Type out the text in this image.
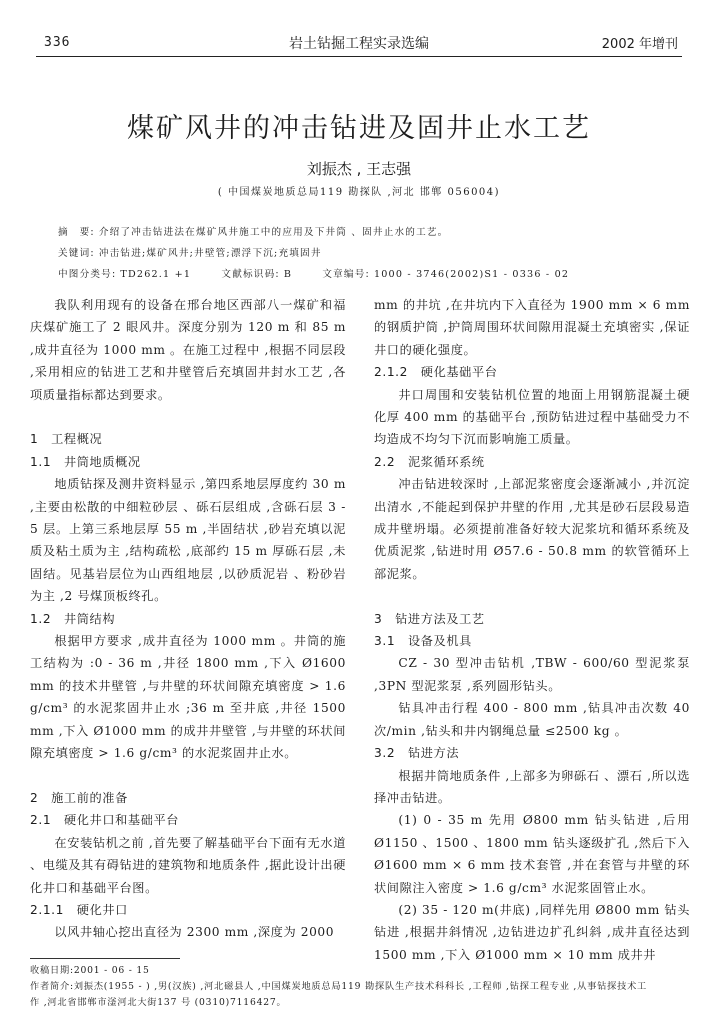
336	岩土钻掘工程实录选编	2002 年增刊
煤矿风井的冲击钻进及固井止水工艺
刘振杰 , 王志强
( 中国煤炭地质总局119 勘探队 ,河北 邯郸 056004)
摘　要: 介绍了冲击钻进法在煤矿风井施工中的应用及下井筒 、固井止水的工艺。
关键词: 冲击钻进;煤矿风井;井壁管;漂浮下沉;充填固井
中图分类号: TD262.1 +1	文献标识码: B	文章编号: 1000 - 3746(2002)S1 - 0336 - 02

我队利用现有的设备在邢台地区西部八一煤矿和福庆煤矿施工了 2 眼风井。深度分别为 120 m 和 85 m ,成井直径为 1000 mm 。在施工过程中 ,根据不同层段 ,采用相应的钻进工艺和井壁管后充填固井封水工艺 ,各项质量指标都达到要求。

1　工程概况
1.1　井筒地质概况

地质钻探及测井资料显示 ,第四系地层厚度约 30 m ,主要由松散的中细粒砂层 、砾石层组成 ,含砾石层 3 - 5 层。上第三系地层厚 55 m ,半固结状 ,砂岩充填以泥质及粘土质为主 ,结构疏松 ,底部约 15 m 厚砾石层 ,未固结。见基岩层位为山西组地层 ,以砂质泥岩 、粉砂岩为主 ,2 号煤顶板终孔。

1.2　井筒结构

根据甲方要求 ,成井直径为 1000 mm 。井筒的施工结构为 :0 - 36 m ,井径 1800 mm ,下入 Ø1600 mm 的技术井壁管 ,与井壁的环状间隙充填密度 > 1.6 g/cm³ 的水泥浆固井止水 ;36 m 至井底 ,井径 1500 mm ,下入 Ø1000 mm 的成井井壁管 ,与井壁的环状间隙充填密度 > 1.6 g/cm³ 的水泥浆固井止水。

2　施工前的准备
2.1　硬化井口和基础平台

在安装钻机之前 ,首先要了解基础平台下面有无水道 、电缆及其有碍钻进的建筑物和地质条件 ,据此设计出硬化井口和基础平台图。

2.1.1　硬化井口

以风井轴心挖出直径为 2300 mm ,深度为 2000

mm 的井坑 ,在井坑内下入直径为 1900 mm × 6 mm 的钢质护筒 ,护筒周围环状间隙用混凝土充填密实 ,保证井口的硬化强度。

2.1.2　硬化基础平台

井口周围和安装钻机位置的地面上用钢筋混凝土硬化厚 400 mm 的基础平台 ,预防钻进过程中基础受力不均造成不均匀下沉而影响施工质量。

2.2　泥浆循环系统

冲击钻进较深时 ,上部泥浆密度会逐渐减小 ,并沉淀出清水 ,不能起到保护井壁的作用 ,尤其是砂石层段易造成井壁坍塌。必须提前准备好较大泥浆坑和循环系统及优质泥浆 ,钻进时用 Ø57.6 - 50.8 mm 的软管循环上部泥浆。

3　钻进方法及工艺
3.1　设备及机具

CZ - 30 型冲击钻机 ,TBW - 600/60 型泥浆泵 ,3PN 型泥浆泵 ,系列圆形钻头。

钻具冲击行程 400 - 800 mm ,钻具冲击次数 40 次/min ,钻头和井内钢绳总量 ≤2500 kg 。

3.2　钻进方法

根据井筒地质条件 ,上部多为卵砾石 、漂石 ,所以选择冲击钻进。

(1) 0 - 35 m 先用 Ø800 mm 钻头钻进 ,后用 Ø1150 、1500 、1800 mm 钻头逐级扩孔 ,然后下入 Ø1600 mm × 6 mm 技术套管 ,并在套管与井壁的环状间隙注入密度 > 1.6 g/cm³ 水泥浆固管止水。

(2) 35 - 120 m(井底) ,同样先用 Ø800 mm 钻头钻进 ,根据井斜情况 ,边钻进边扩孔纠斜 ,成井直径达到 1500 mm ,下入 Ø1000 mm × 10 mm 成井井

收稿日期:2001 - 06 - 15
作者简介:刘振杰(1955 - ) ,男(汉族) ,河北磁县人 ,中国煤炭地质总局119 勘探队生产技术科科长 ,工程师 ,钻探工程专业 ,从事钻探技术工
作 ,河北省邯郸市滏河北大街137 号 (0310)7116427。
